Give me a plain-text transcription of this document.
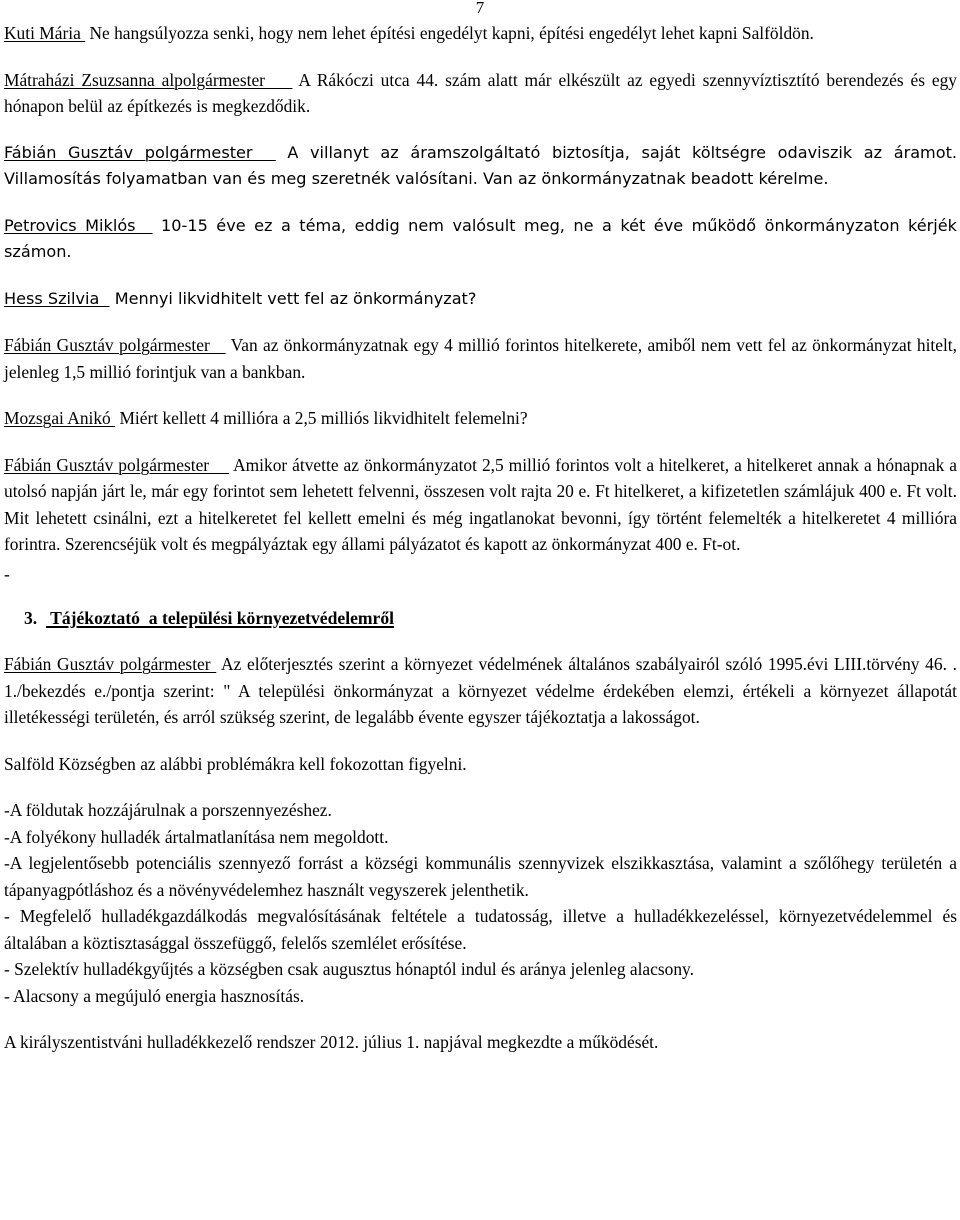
7

Kuti Mária  Ne hangsúlyozza senki, hogy nem lehet építési engedélyt kapni, építési engedélyt lehet kapni Salföldön.

Mátraházi Zsuzsanna alpolgármester     A Rákóczi utca 44. szám alatt már elkészült az egyedi szennyvíztisztító berendezés és egy hónapon belül az építkezés is megkezdődik.

Fábián Gusztáv polgármester   A villanyt az áramszolgáltató biztosítja, saját költségre odaviszik az áramot. Villamosítás folyamatban van és meg szeretnék valósítani. Van az önkormányzatnak beadott kérelme.

Petrovics Miklós   10-15 éve ez a téma, eddig nem valósult meg, ne a két éve működő önkormányzaton kérjék számon.

Hess Szilvia   Mennyi likvidhitelt vett fel az önkormányzat?

Fábián Gusztáv polgármester    Van az önkormányzatnak egy 4 millió forintos hitelkerete, amiből nem vett fel az önkormányzat hitelt, jelenleg 1,5 millió forintjuk van a bankban.

Mozsgai Anikó  Miért kellett 4 millióra a 2,5 milliós likvidhitelt felemelni?

Fábián Gusztáv polgármester     Amikor átvette az önkormányzatot 2,5 millió forintos volt a hitelkeret, a hitelkeret annak a hónapnak a utolsó napján járt le, már egy forintot sem lehetett felvenni, összesen volt rajta 20 e. Ft hitelkeret, a kifizetetlen számlájuk 400 e. Ft volt. Mit lehetett csinálni, ezt a hitelkeretet fel kellett emelni és még ingatlanokat bevonni, így történt felemelték a hitelkeretet 4 millióra forintra. Szerencséjük volt és megpályáztak egy állami pályázatot és kapott az önkormányzat 400 e. Ft-ot.

-

3.   Tájékoztató  a települési környezetvédelemről

Fábián Gusztáv polgármester  Az előterjesztés szerint a környezet védelmének általános szabályairól szóló 1995.évi LIII.törvény 46. . 1./bekezdés e./pontja szerint: " A települési önkormányzat a környezet védelme érdekében elemzi, értékeli a környezet állapotát illetékességi területén, és arról szükség szerint, de legalább évente egyszer tájékoztatja a lakosságot.

Salföld Községben az alábbi problémákra kell fokozottan figyelni.

-A földutak hozzájárulnak a porszennyezéshez.

-A folyékony hulladék ártalmatlanítása nem megoldott.

-A legjelentősebb potenciális szennyező forrást a községi kommunális szennyvizek elszikkasztása, valamint a szőlőhegy területén a tápanyagpótláshoz és a növényvédelemhez használt vegyszerek jelenthetik.

- Megfelelő hulladékgazdálkodás megvalósításának feltétele a tudatosság, illetve a hulladékkezeléssel, környezetvédelemmel és általában a köztisztasággal összefüggő, felelős szemlélet erősítése.

- Szelektív hulladékgyűjtés a községben csak augusztus hónaptól indul és aránya jelenleg alacsony.

- Alacsony a megújuló energia hasznosítás.

A királyszentistváni hulladékkezelő rendszer 2012. július 1. napjával megkezdte a működését.
